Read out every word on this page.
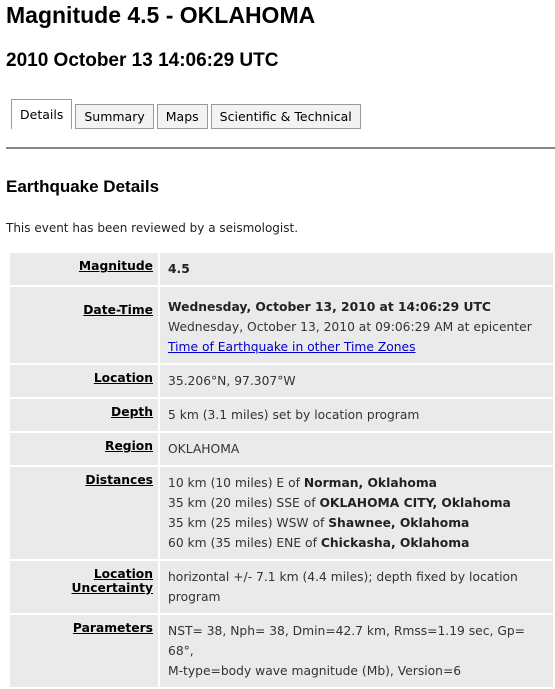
Magnitude 4.5 - OKLAHOMA
2010 October 13 14:06:29 UTC
Details	Summary	Maps	Scientific & Technical
Earthquake Details
This event has been reviewed by a seismologist.
Magnitude	4.5
Date-Time	Wednesday, October 13, 2010 at 14:06:29 UTC
Wednesday, October 13, 2010 at 09:06:29 AM at epicenter
Time of Earthquake in other Time Zones

Location	35.206°N, 97.307°W
Depth	5 km (3.1 miles) set by location program
Region	OKLAHOMA
Distances	10 km (10 miles) E of Norman, Oklahoma
35 km (20 miles) SSE of OKLAHOMA CITY, Oklahoma
35 km (25 miles) WSW of Shawnee, Oklahoma
60 km (35 miles) ENE of Chickasha, Oklahoma

Location Uncertainty	horizontal +/- 7.1 km (4.4 miles); depth fixed by location program
Parameters	NST= 38, Nph= 38, Dmin=42.7 km, Rmss=1.19 sec, Gp= 68°,
M-type=body wave magnitude (Mb), Version=6
